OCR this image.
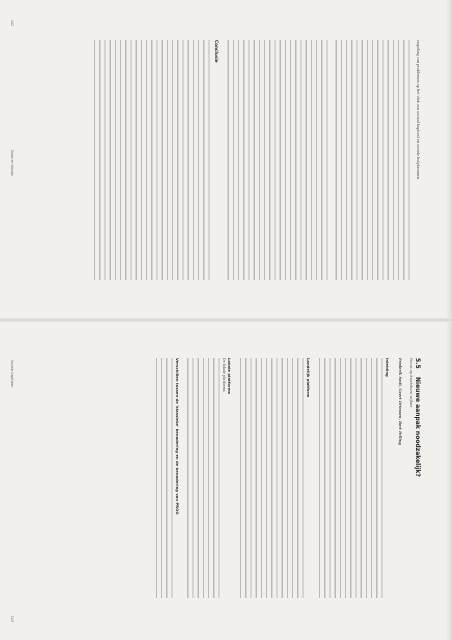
stapeling van problemen op het vlak van sociaal kapitaal en sociale hulpbronnen.

Conclusie
142
Groei en Welzijn
5.5    Nieuwe aanpak noodzakelijk?
Focus op kwetsbare wijken
Frederik Smit, Geert Driessen, Bert Felling
Inleiding
Landelijk platform
Lokale platforms

De lokale platforms

Verschillen tussen de 'klassieke' benadering en de benadering van PROO
Sociale Kapitalen
143
